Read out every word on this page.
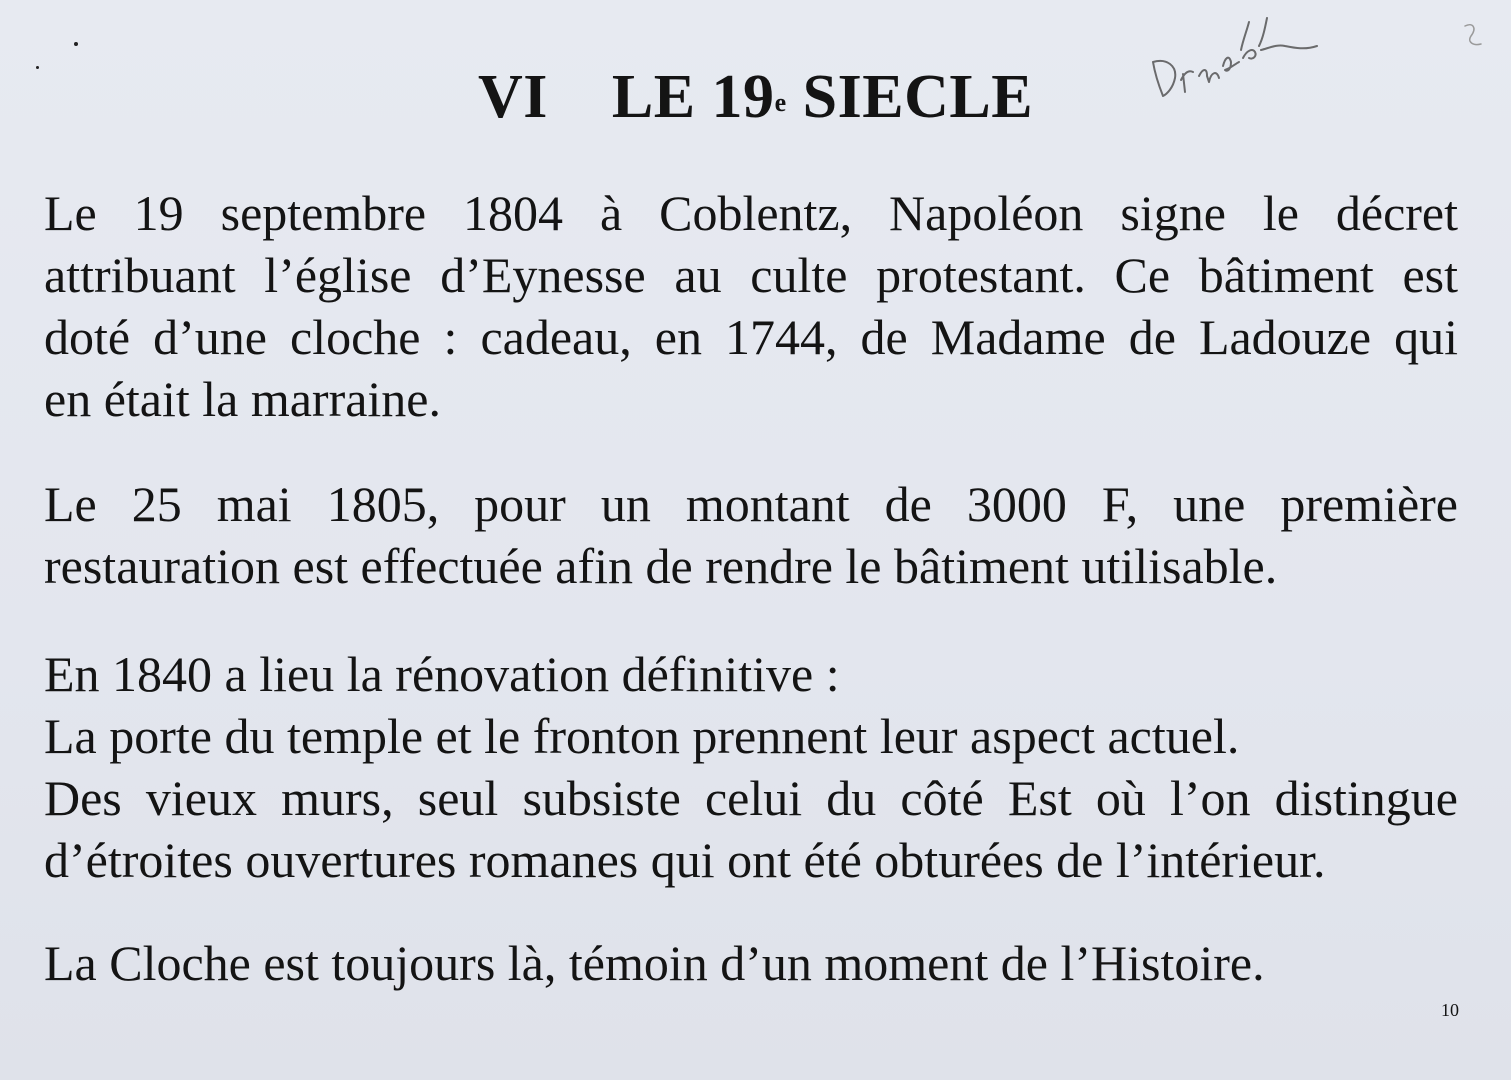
VI LE 19e SIECLE

Le 19 septembre 1804 à Coblentz, Napoléon signe le décret
attribuant l’église d’Eynesse au culte protestant. Ce bâtiment est
doté d’une cloche : cadeau, en 1744, de Madame de Ladouze qui
en était la marraine.

Le 25 mai 1805, pour un montant de 3000 F, une première
restauration est effectuée afin de rendre le bâtiment utilisable.

En 1840 a lieu la rénovation définitive :
La porte du temple et le fronton prennent leur aspect actuel.
Des vieux murs, seul subsiste celui du côté Est où l’on distingue
d’étroites ouvertures romanes qui ont été obturées de l’intérieur.

La Cloche est toujours là, témoin d’un moment de l’Histoire.

10
